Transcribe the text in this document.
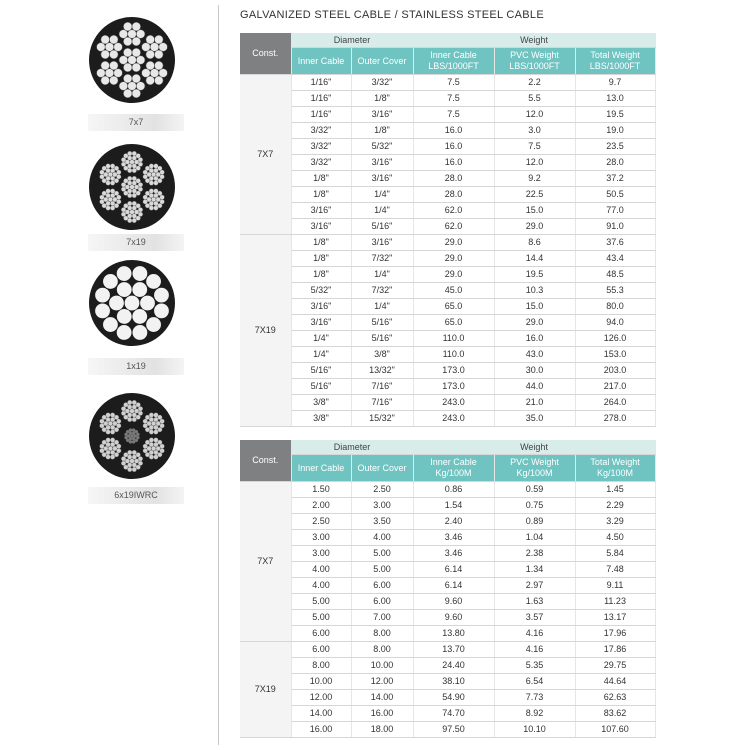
7x7
7x19
1x19
6x19IWRC
GALVANIZED STEEL CABLE / STAINLESS STEEL CABLE
Const.	Diameter		Weight		
	Inner Cable	Outer Cover	Inner Cable LBS/1000FT	PVC Weight LBS/1000FT	Total Weight LBS/1000FT
7X7	1/16"	3/32"	7.5	2.2	9.7
	1/16"	1/8"	7.5	5.5	13.0
	1/16"	3/16"	7.5	12.0	19.5
	3/32"	1/8"	16.0	3.0	19.0
	3/32"	5/32"	16.0	7.5	23.5
	3/32"	3/16"	16.0	12.0	28.0
	1/8"	3/16"	28.0	9.2	37.2
	1/8"	1/4"	28.0	22.5	50.5
	3/16"	1/4"	62.0	15.0	77.0
	3/16"	5/16"	62.0	29.0	91.0
7X19	1/8"	3/16"	29.0	8.6	37.6
	1/8"	7/32"	29.0	14.4	43.4
	1/8"	1/4"	29.0	19.5	48.5
	5/32"	7/32"	45.0	10.3	55.3
	3/16"	1/4"	65.0	15.0	80.0
	3/16"	5/16"	65.0	29.0	94.0
	1/4"	5/16"	110.0	16.0	126.0
	1/4"	3/8"	110.0	43.0	153.0
	5/16"	13/32"	173.0	30.0	203.0
	5/16"	7/16"	173.0	44.0	217.0
	3/8"	7/16"	243.0	21.0	264.0
	3/8"	15/32"	243.0	35.0	278.0
Const.	Diameter		Weight		
	Inner Cable	Outer Cover	Inner Cable Kg/100M	PVC Weight Kg/100M	Total Weight Kg/100M
7X7	1.50	2.50	0.86	0.59	1.45
	2.00	3.00	1.54	0.75	2.29
	2.50	3.50	2.40	0.89	3.29
	3.00	4.00	3.46	1.04	4.50
	3.00	5.00	3.46	2.38	5.84
	4.00	5.00	6.14	1.34	7.48
	4.00	6.00	6.14	2.97	9.11
	5.00	6.00	9.60	1.63	11.23
	5.00	7.00	9.60	3.57	13.17
	6.00	8.00	13.80	4.16	17.96
7X19	6.00	8.00	13.70	4.16	17.86
	8.00	10.00	24.40	5.35	29.75
	10.00	12.00	38.10	6.54	44.64
	12.00	14.00	54.90	7.73	62.63
	14.00	16.00	74.70	8.92	83.62
	16.00	18.00	97.50	10.10	107.60
